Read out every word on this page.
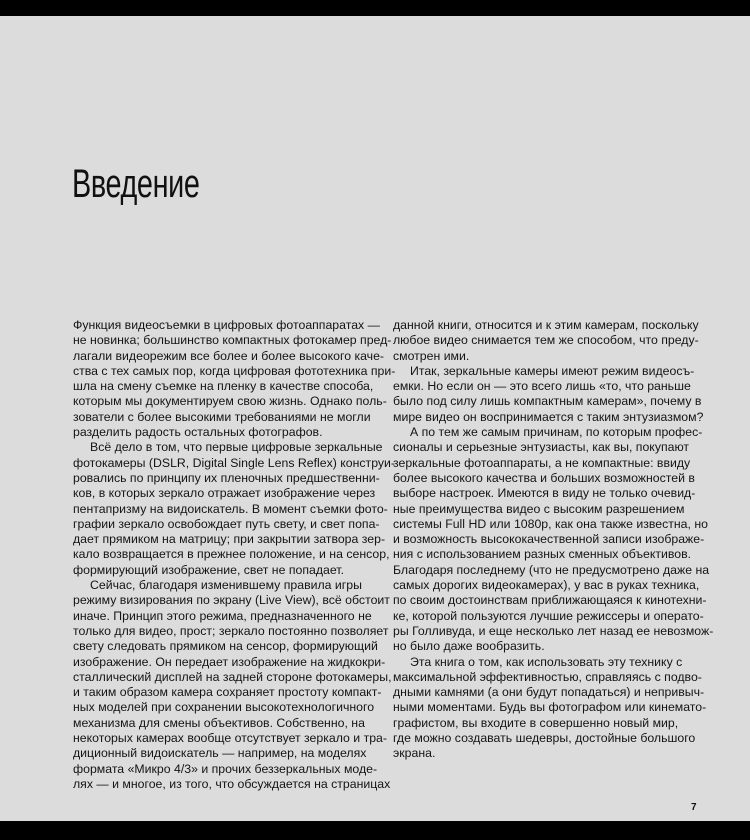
Введение
Функция видеосъемки в цифровых фотоаппаратах —
не новинка; большинство компактных фотокамер пред-
лагали видеорежим все более и более высокого каче-
ства с тех самых пор, когда цифровая фототехника при-
шла на смену съемке на пленку в качестве способа,
которым мы документируем свою жизнь. Однако поль-
зователи с более высокими требованиями не могли
разделить радость остальных фотографов.
Всё дело в том, что первые цифровые зеркальные
фотокамеры (DSLR, Digital Single Lens Reflex) конструи-
ровались по принципу их пленочных предшественни-
ков, в которых зеркало отражает изображение через
пентапризму на видоискатель. В момент съемки фото-
графии зеркало освобождает путь свету, и свет попа-
дает прямиком на матрицу; при закрытии затвора зер-
кало возвращается в прежнее положение, и на сенсор,
формирующий изображение, свет не попадает.
Сейчас, благодаря изменившему правила игры
режиму визирования по экрану (Live View), всё обстоит
иначе. Принцип этого режима, предназначенного не
только для видео, прост; зеркало постоянно позволяет
свету следовать прямиком на сенсор, формирующий
изображение. Он передает изображение на жидкокри-
сталлический дисплей на задней стороне фотокамеры,
и таким образом камера сохраняет простоту компакт-
ных моделей при сохранении высокотехнологичного
механизма для смены объективов. Собственно, на
некоторых камерах вообще отсутствует зеркало и тра-
диционный видоискатель — например, на моделях
формата «Микро 4/3» и прочих беззеркальных моде-
лях — и многое, из того, что обсуждается на страницах
данной книги, относится и к этим камерам, поскольку
любое видео снимается тем же способом, что преду-
смотрен ими.
Итак, зеркальные камеры имеют режим видеосъ-
емки. Но если он — это всего лишь «то, что раньше
было под силу лишь компактным камерам», почему в
мире видео он воспринимается с таким энтузиазмом?
А по тем же самым причинам, по которым профес-
сионалы и серьезные энтузиасты, как вы, покупают
зеркальные фотоаппараты, а не компактные: ввиду
более высокого качества и больших возможностей в
выборе настроек. Имеются в виду не только очевид-
ные преимущества видео с высоким разрешением
системы Full HD или 1080p, как она также известна, но
и возможность высококачественной записи изображе-
ния с использованием разных сменных объективов.
Благодаря последнему (что не предусмотрено даже на
самых дорогих видеокамерах), у вас в руках техника,
по своим достоинствам приближающаяся к кинотехни-
ке, которой пользуются лучшие режиссеры и операто-
ры Голливуда, и еще несколько лет назад ее невозмож-
но было даже вообразить.
Эта книга о том, как использовать эту технику с
максимальной эффективностью, справляясь с подво-
дными камнями (а они будут попадаться) и непривыч-
ными моментами. Будь вы фотографом или кинемато-
графистом, вы входите в совершенно новый мир,
где можно создавать шедевры, достойные большого
экрана.
7
